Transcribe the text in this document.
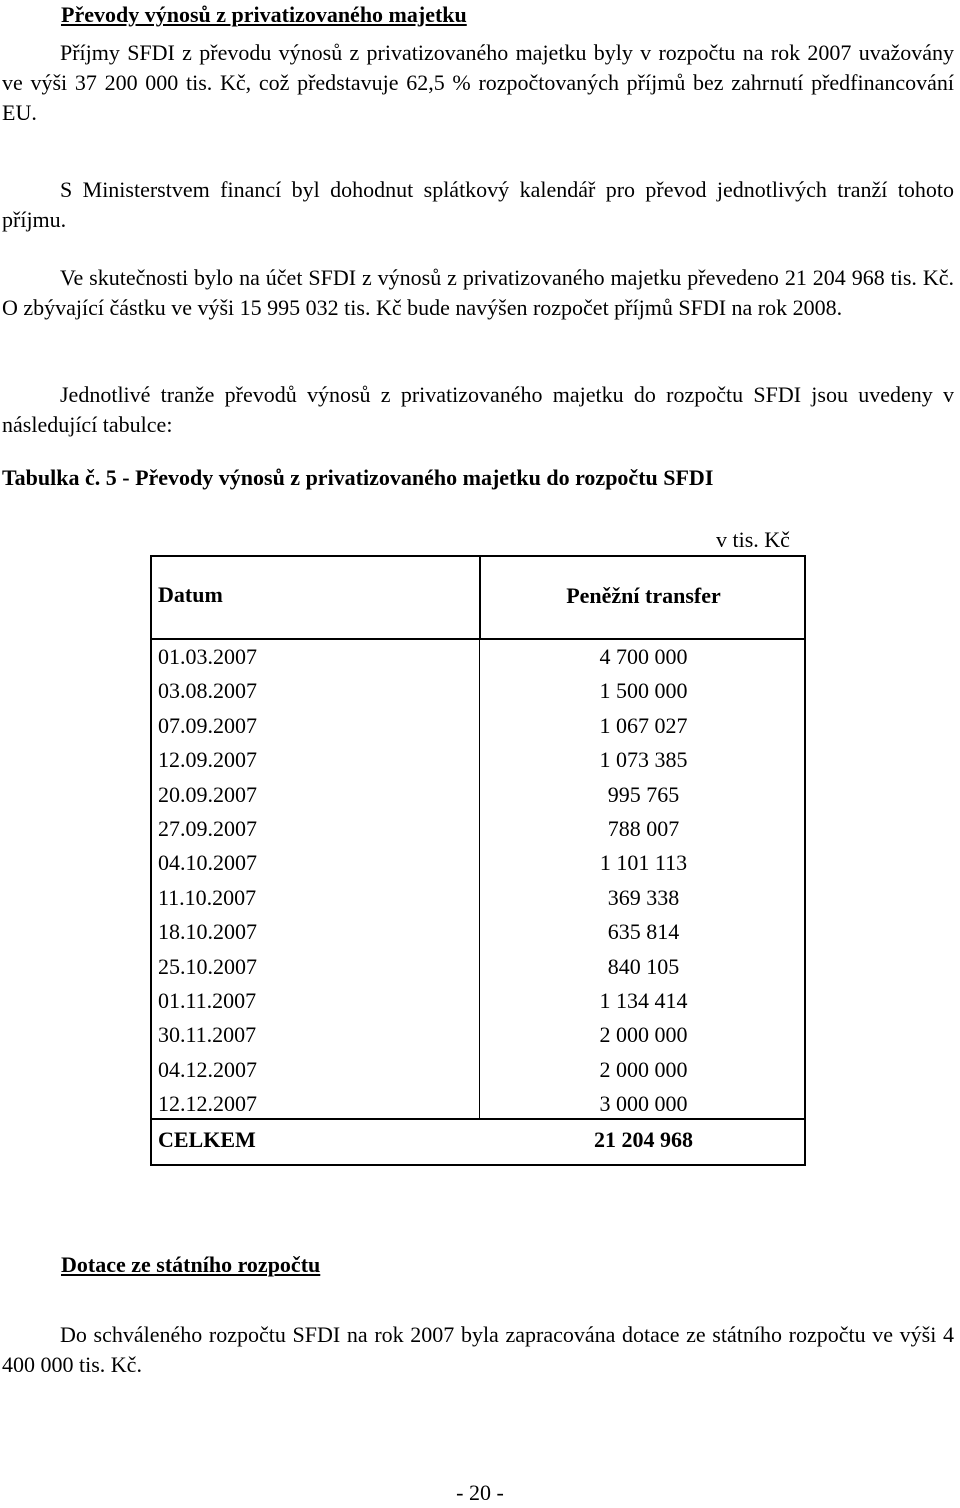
Převody výnosů z privatizovaného majetku

Příjmy SFDI z převodu výnosů z privatizovaného majetku byly v rozpočtu na rok 2007 uvažovány ve výši 37 200 000 tis. Kč, což představuje 62,5 % rozpočtovaných příjmů bez zahrnutí předfinancování EU.

S Ministerstvem financí byl dohodnut splátkový kalendář pro převod jednotlivých tranží tohoto příjmu.

Ve skutečnosti bylo na účet SFDI z výnosů z privatizovaného majetku převedeno 21 204 968 tis. Kč. O zbývající částku ve výši 15 995 032 tis. Kč bude navýšen rozpočet příjmů SFDI na rok 2008.

Jednotlivé tranže převodů výnosů z privatizovaného majetku do rozpočtu SFDI jsou uvedeny v následující tabulce:

Tabulka č. 5 - Převody výnosů z privatizovaného majetku do rozpočtu SFDI
v tis. Kč
Datum	Peněžní transfer
01.03.2007	4 700 000
03.08.2007	1 500 000
07.09.2007	1 067 027
12.09.2007	1 073 385
20.09.2007	995 765
27.09.2007	788 007
04.10.2007	1 101 113
11.10.2007	369 338
18.10.2007	635 814
25.10.2007	840 105
01.11.2007	1 134 414
30.11.2007	2 000 000
04.12.2007	2 000 000
12.12.2007	3 000 000
CELKEM	21 204 968
Dotace ze státního rozpočtu

Do schváleného rozpočtu SFDI na rok 2007 byla zapracována dotace ze státního rozpočtu ve výši 4 400 000 tis. Kč.

- 20 -
